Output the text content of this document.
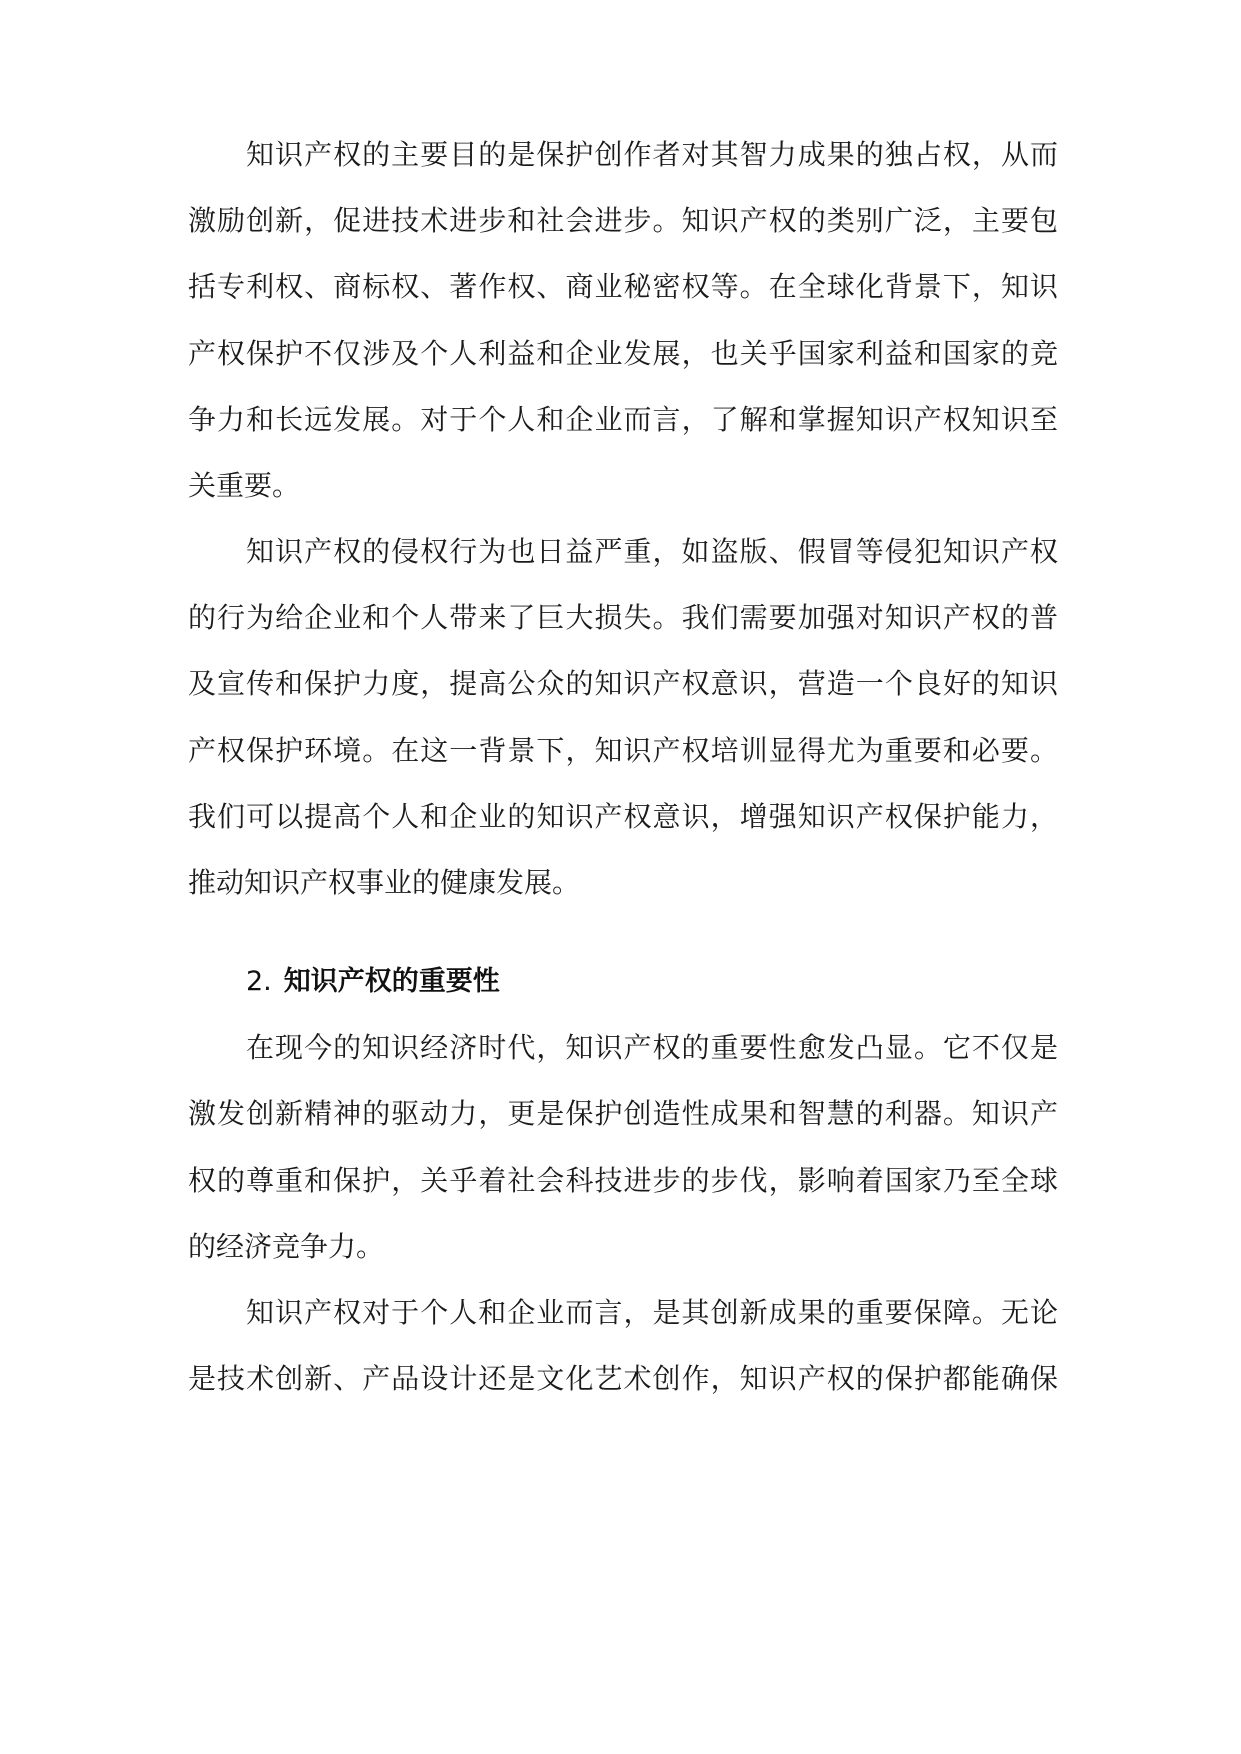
知识产权的主要目的是保护创作者对其智力成果的独占权，从而

激励创新，促进技术进步和社会进步。知识产权的类别广泛，主要包

括专利权、商标权、著作权、商业秘密权等。在全球化背景下，知识

产权保护不仅涉及个人利益和企业发展，也关乎国家利益和国家的竞

争力和长远发展。对于个人和企业而言，了解和掌握知识产权知识至

关重要。

知识产权的侵权行为也日益严重，如盗版、假冒等侵犯知识产权

的行为给企业和个人带来了巨大损失。我们需要加强对知识产权的普

及宣传和保护力度，提高公众的知识产权意识，营造一个良好的知识

产权保护环境。在这一背景下，知识产权培训显得尤为重要和必要。

我们可以提高个人和企业的知识产权意识，增强知识产权保护能力，

推动知识产权事业的健康发展。

2. 知识产权的重要性

在现今的知识经济时代，知识产权的重要性愈发凸显。它不仅是

激发创新精神的驱动力，更是保护创造性成果和智慧的利器。知识产

权的尊重和保护，关乎着社会科技进步的步伐，影响着国家乃至全球

的经济竞争力。

知识产权对于个人和企业而言，是其创新成果的重要保障。无论

是技术创新、产品设计还是文化艺术创作，知识产权的保护都能确保
